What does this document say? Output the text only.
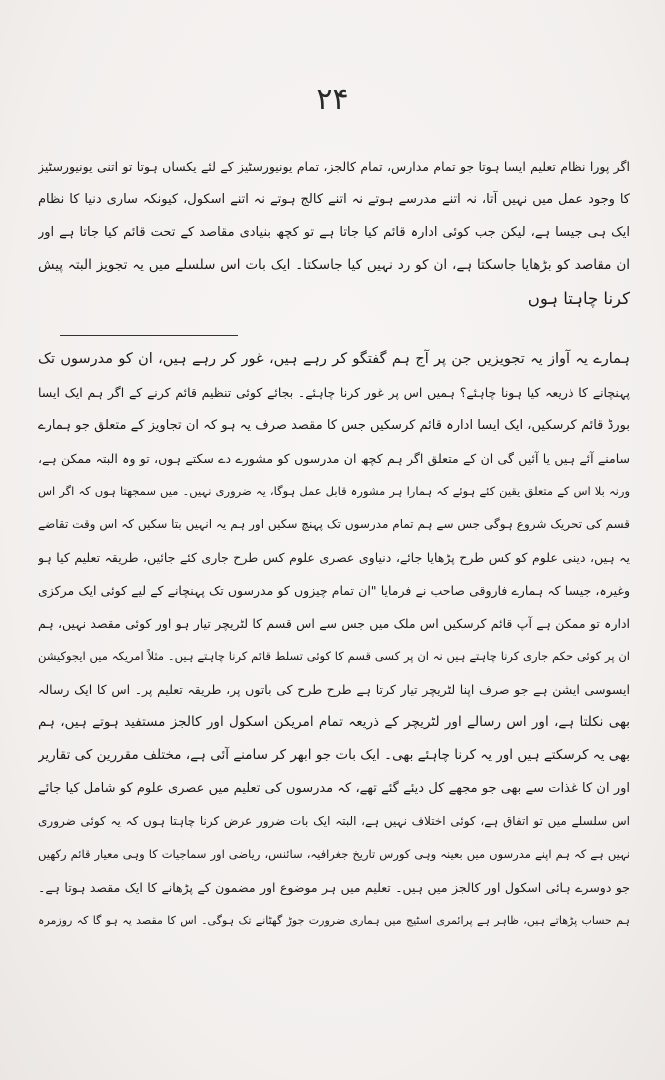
۲۴
اگر پورا نظام تعلیم ایسا ہوتا جو تمام مدارس، تمام کالجز، تمام یونیورسٹیز کے لئے یکساں ہوتا تو اتنی یونیورسٹیز
کا وجود عمل میں نہیں آتا، نہ اتنے مدرسے ہوتے نہ اتنے کالج ہوتے نہ اتنے اسکول، کیونکہ ساری دنیا کا نظام
ایک ہی جیسا ہے، لیکن جب کوئی ادارہ قائم کیا جاتا ہے تو کچھ بنیادی مقاصد کے تحت قائم کیا جاتا ہے اور
ان مقاصد کو بڑھایا جاسکتا ہے، ان کو رد نہیں کیا جاسکتا۔ ایک بات اس سلسلے میں یہ تجویز البتہ پیش
کرنا چاہتا ہوں
ہمارے یہ آواز یہ تجویزیں جن پر آج ہم گفتگو کر رہے ہیں، غور کر رہے ہیں، ان کو مدرسوں تک
پہنچانے کا ذریعہ کیا ہونا چاہئے؟ ہمیں اس پر غور کرنا چاہئے۔ بجائے کوئی تنظیم قائم کرنے کے اگر ہم ایک ایسا
بورڈ قائم کرسکیں، ایک ایسا ادارہ قائم کرسکیں جس کا مقصد صرف یہ ہو کہ ان تجاویز کے متعلق جو ہمارے
سامنے آئے ہیں یا آئیں گی ان کے متعلق اگر ہم کچھ ان مدرسوں کو مشورے دے سکتے ہوں، تو وہ البتہ ممکن ہے،
ورنہ بلا اس کے متعلق یقین کئے ہوئے کہ ہمارا ہر مشورہ قابل عمل ہوگا، یہ ضروری نہیں۔ میں سمجھتا ہوں کہ اگر اس
قسم کی تحریک شروع ہوگی جس سے ہم تمام مدرسوں تک پہنچ سکیں اور ہم یہ انہیں بتا سکیں کہ اس وقت تقاضے
یہ ہیں، دینی علوم کو کس طرح پڑھایا جائے، دنیاوی عصری علوم کس طرح جاری کئے جائیں، طریقہ تعلیم کیا ہو
وغیرہ، جیسا کہ ہمارے فاروقی صاحب نے فرمایا "ان تمام چیزوں کو مدرسوں تک پہنچانے کے لیے کوئی ایک مرکزی
ادارہ تو ممکن ہے آپ قائم کرسکیں اس ملک میں جس سے اس قسم کا لٹریچر تیار ہو اور کوئی مقصد نہیں، ہم
ان پر کوئی حکم جاری کرنا چاہتے ہیں نہ ان پر کسی قسم کا کوئی تسلط قائم کرنا چاہتے ہیں۔ مثلاً امریکہ میں ایجوکیشن
ایسوسی ایشن ہے جو صرف اپنا لٹریچر تیار کرتا ہے طرح طرح کی باتوں پر، طریقہ تعلیم پر۔ اس کا ایک رسالہ
بھی نکلتا ہے، اور اس رسالے اور لٹریچر کے ذریعہ تمام امریکن اسکول اور کالجز مستفید ہوتے ہیں، ہم
بھی یہ کرسکتے ہیں اور یہ کرنا چاہئے بھی۔ ایک بات جو ابھر کر سامنے آئی ہے، مختلف مقررین کی تقاریر
اور ان کا غذات سے بھی جو مجھے کل دیئے گئے تھے، کہ مدرسوں کی تعلیم میں عصری علوم کو شامل کیا جائے
اس سلسلے میں تو اتفاق ہے، کوئی اختلاف نہیں ہے، البتہ ایک بات ضرور عرض کرنا چاہتا ہوں کہ یہ کوئی ضروری
نہیں ہے کہ ہم اپنے مدرسوں میں بعینہ وہی کورس تاریخ جغرافیہ، سائنس، ریاضی اور سماجیات کا وہی معیار قائم رکھیں
جو دوسرے ہائی اسکول اور کالجز میں ہیں۔ تعلیم میں ہر موضوع اور مضمون کے پڑھانے کا ایک مقصد ہوتا ہے۔
ہم حساب پڑھاتے ہیں، ظاہر ہے پرائمری اسٹیج میں ہماری ضرورت جوڑ گھٹانے تک ہوگی۔ اس کا مقصد یہ ہو گا کہ روزمرہ
